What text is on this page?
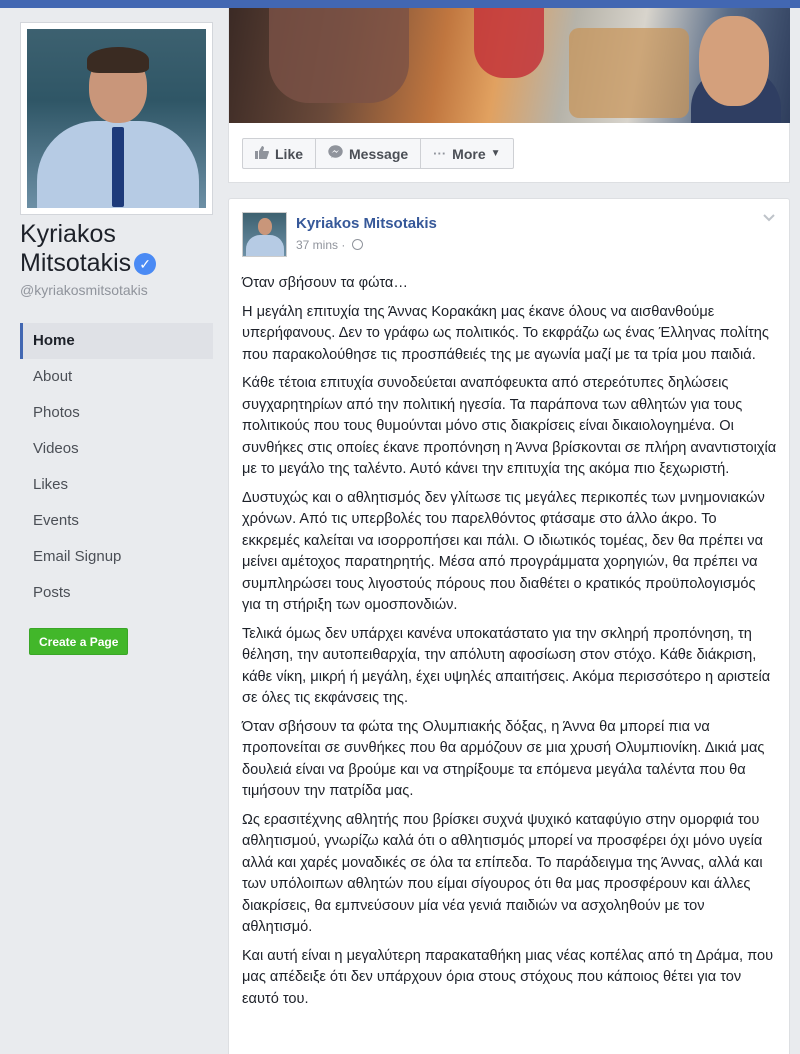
Kyriakos Mitsotakis ✓
@kyriakosmitsotakis
Home
About
Photos
Videos
Likes
Events
Email Signup
Posts
Create a Page
Like	Message ··· More ▼
Kyriakos Mitsotakis
37 mins ·

Όταν σβήσουν τα φώτα…

Η μεγάλη επιτυχία της Άννας Κορακάκη μας έκανε όλους να αισθανθούμε υπερήφανους. Δεν το γράφω ως πολιτικός. Το εκφράζω ως ένας Έλληνας πολίτης που παρακολούθησε τις προσπάθειές της με αγωνία μαζί με τα τρία μου παιδιά.

Κάθε τέτοια επιτυχία συνοδεύεται αναπόφευκτα από στερεότυπες δηλώσεις συγχαρητηρίων από την πολιτική ηγεσία. Τα παράπονα των αθλητών για τους πολιτικούς που τους θυμούνται μόνο στις διακρίσεις είναι δικαιολογημένα. Οι συνθήκες στις οποίες έκανε προπόνηση η Άννα βρίσκονται σε πλήρη αναντιστοιχία με το μεγάλο της ταλέντο. Αυτό κάνει την επιτυχία της ακόμα πιο ξεχωριστή.

Δυστυχώς και ο αθλητισμός δεν γλίτωσε τις μεγάλες περικοπές των μνημονιακών χρόνων. Από τις υπερβολές του παρελθόντος φτάσαμε στο άλλο άκρο. Το εκκρεμές καλείται να ισορροπήσει και πάλι. Ο ιδιωτικός τομέας, δεν θα πρέπει να μείνει αμέτοχος παρατηρητής. Μέσα από προγράμματα χορηγιών, θα πρέπει να συμπληρώσει τους λιγοστούς πόρους που διαθέτει ο κρατικός προϋπολογισμός για τη στήριξη των ομοσπονδιών.

Τελικά όμως δεν υπάρχει κανένα υποκατάστατο για την σκληρή προπόνηση, τη θέληση, την αυτοπειθαρχία, την απόλυτη αφοσίωση στον στόχο. Κάθε διάκριση, κάθε νίκη, μικρή ή μεγάλη, έχει υψηλές απαιτήσεις. Ακόμα περισσότερο η αριστεία σε όλες τις εκφάνσεις της.

Όταν σβήσουν τα φώτα της Ολυμπιακής δόξας, η Άννα θα μπορεί πια να προπονείται σε συνθήκες που θα αρμόζουν σε μια χρυσή Ολυμπιονίκη. Δικιά μας δουλειά είναι να βρούμε και να στηρίξουμε τα επόμενα μεγάλα ταλέντα που θα τιμήσουν την πατρίδα μας.

Ως ερασιτέχνης αθλητής που βρίσκει συχνά ψυχικό καταφύγιο στην ομορφιά του αθλητισμού, γνωρίζω καλά ότι ο αθλητισμός μπορεί να προσφέρει όχι μόνο υγεία αλλά και χαρές μοναδικές σε όλα τα επίπεδα. Το παράδειγμα της Άννας, αλλά και των υπόλοιπων αθλητών που είμαι σίγουρος ότι θα μας προσφέρουν και άλλες διακρίσεις, θα εμπνεύσουν μία νέα γενιά παιδιών να ασχοληθούν με τον αθλητισμό.

Και αυτή είναι η μεγαλύτερη παρακαταθήκη μιας νέας κοπέλας από τη Δράμα, που μας απέδειξε ότι δεν υπάρχουν όρια στους στόχους που κάποιος θέτει για τον εαυτό του.
